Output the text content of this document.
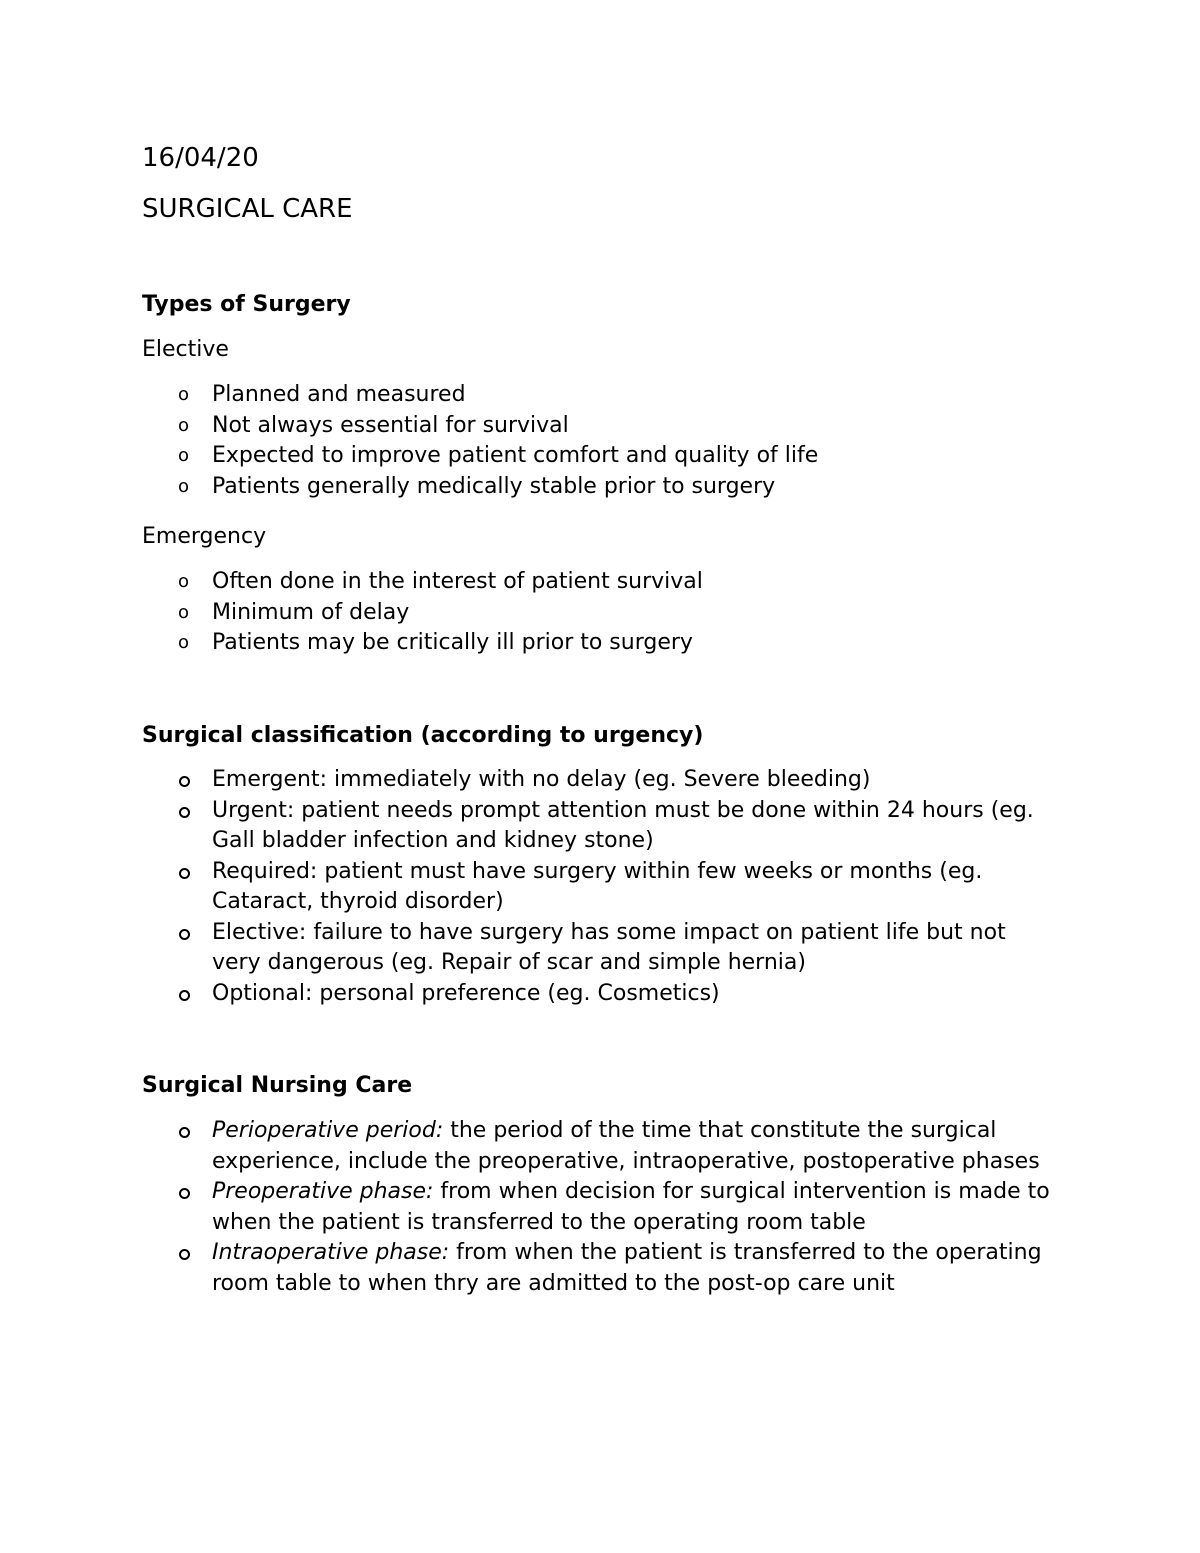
16/04/20
SURGICAL CARE

Types of Surgery

Elective

o Planned and measured
o Not always essential for survival
o Expected to improve patient comfort and quality of life
o Patients generally medically stable prior to surgery

Emergency

o Often done in the interest of patient survival
o Minimum of delay
o Patients may be critically ill prior to surgery

Surgical classification (according to urgency)

Emergent: immediately with no delay (eg. Severe bleeding)
Urgent: patient needs prompt attention must be done within 24 hours (eg. Gall bladder infection and kidney stone)
Required: patient must have surgery within few weeks or months (eg. Cataract, thyroid disorder)
Elective: failure to have surgery has some impact on patient life but not very dangerous (eg. Repair of scar and simple hernia)
Optional: personal preference (eg. Cosmetics)

Surgical Nursing Care

Perioperative period: the period of the time that constitute the surgical experience, include the preoperative, intraoperative, postoperative phases
Preoperative phase: from when decision for surgical intervention is made to when the patient is transferred to the operating room table
Intraoperative phase: from when the patient is transferred to the operating room table to when thry are admitted to the post-op care unit
